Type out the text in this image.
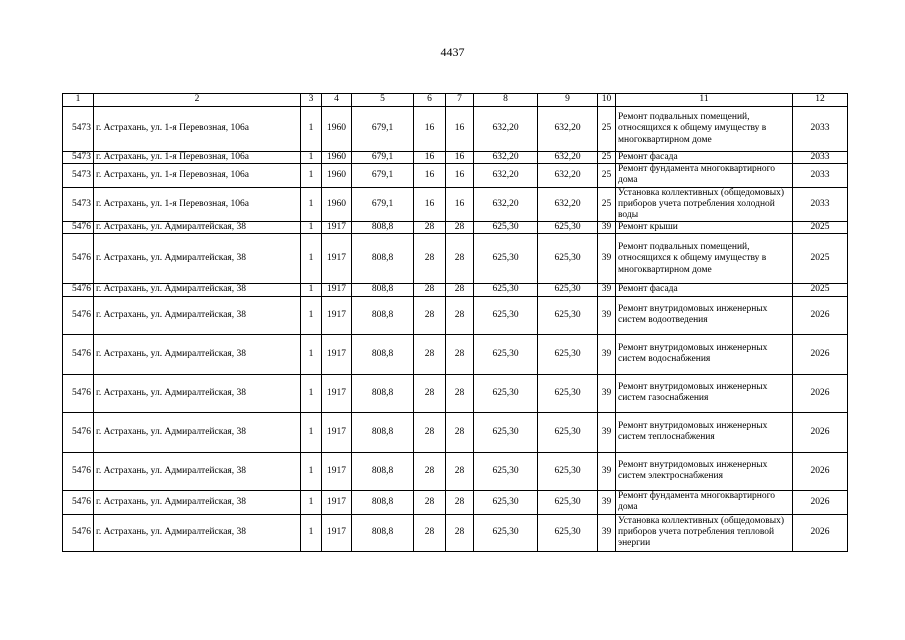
4437
1	2	3	4	5	6	7	8	9	10	11	12
5473	г. Астрахань, ул. 1-я Перевозная, 106а	1	1960	679,1	16	16	632,20	632,20	25	Ремонт подвальных помещений, относящихся к общему имуществу в многоквартирном доме	2033
5473	г. Астрахань, ул. 1-я Перевозная, 106а	1	1960	679,1	16	16	632,20	632,20	25	Ремонт фасада	2033
5473	г. Астрахань, ул. 1-я Перевозная, 106а	1	1960	679,1	16	16	632,20	632,20	25	Ремонт фундамента многоквартирного дома	2033
5473	г. Астрахань, ул. 1-я Перевозная, 106а	1	1960	679,1	16	16	632,20	632,20	25	Установка коллективных (общедомовых) приборов учета потребления холодной воды	2033
5476	г. Астрахань, ул. Адмиралтейская, 38	1	1917	808,8	28	28	625,30	625,30	39	Ремонт крыши	2025
5476	г. Астрахань, ул. Адмиралтейская, 38	1	1917	808,8	28	28	625,30	625,30	39	Ремонт подвальных помещений, относящихся к общему имуществу в многоквартирном доме	2025
5476	г. Астрахань, ул. Адмиралтейская, 38	1	1917	808,8	28	28	625,30	625,30	39	Ремонт фасада	2025
5476	г. Астрахань, ул. Адмиралтейская, 38	1	1917	808,8	28	28	625,30	625,30	39	Ремонт внутридомовых инженерных систем водоотведения	2026
5476	г. Астрахань, ул. Адмиралтейская, 38	1	1917	808,8	28	28	625,30	625,30	39	Ремонт внутридомовых инженерных систем водоснабжения	2026
5476	г. Астрахань, ул. Адмиралтейская, 38	1	1917	808,8	28	28	625,30	625,30	39	Ремонт внутридомовых инженерных систем газоснабжения	2026
5476	г. Астрахань, ул. Адмиралтейская, 38	1	1917	808,8	28	28	625,30	625,30	39	Ремонт внутридомовых инженерных систем теплоснабжения	2026
5476	г. Астрахань, ул. Адмиралтейская, 38	1	1917	808,8	28	28	625,30	625,30	39	Ремонт внутридомовых инженерных систем электроснабжения	2026
5476	г. Астрахань, ул. Адмиралтейская, 38	1	1917	808,8	28	28	625,30	625,30	39	Ремонт фундамента многоквартирного дома	2026
5476	г. Астрахань, ул. Адмиралтейская, 38	1	1917	808,8	28	28	625,30	625,30	39	Установка коллективных (общедомовых) приборов учета потребления тепловой энергии	2026
